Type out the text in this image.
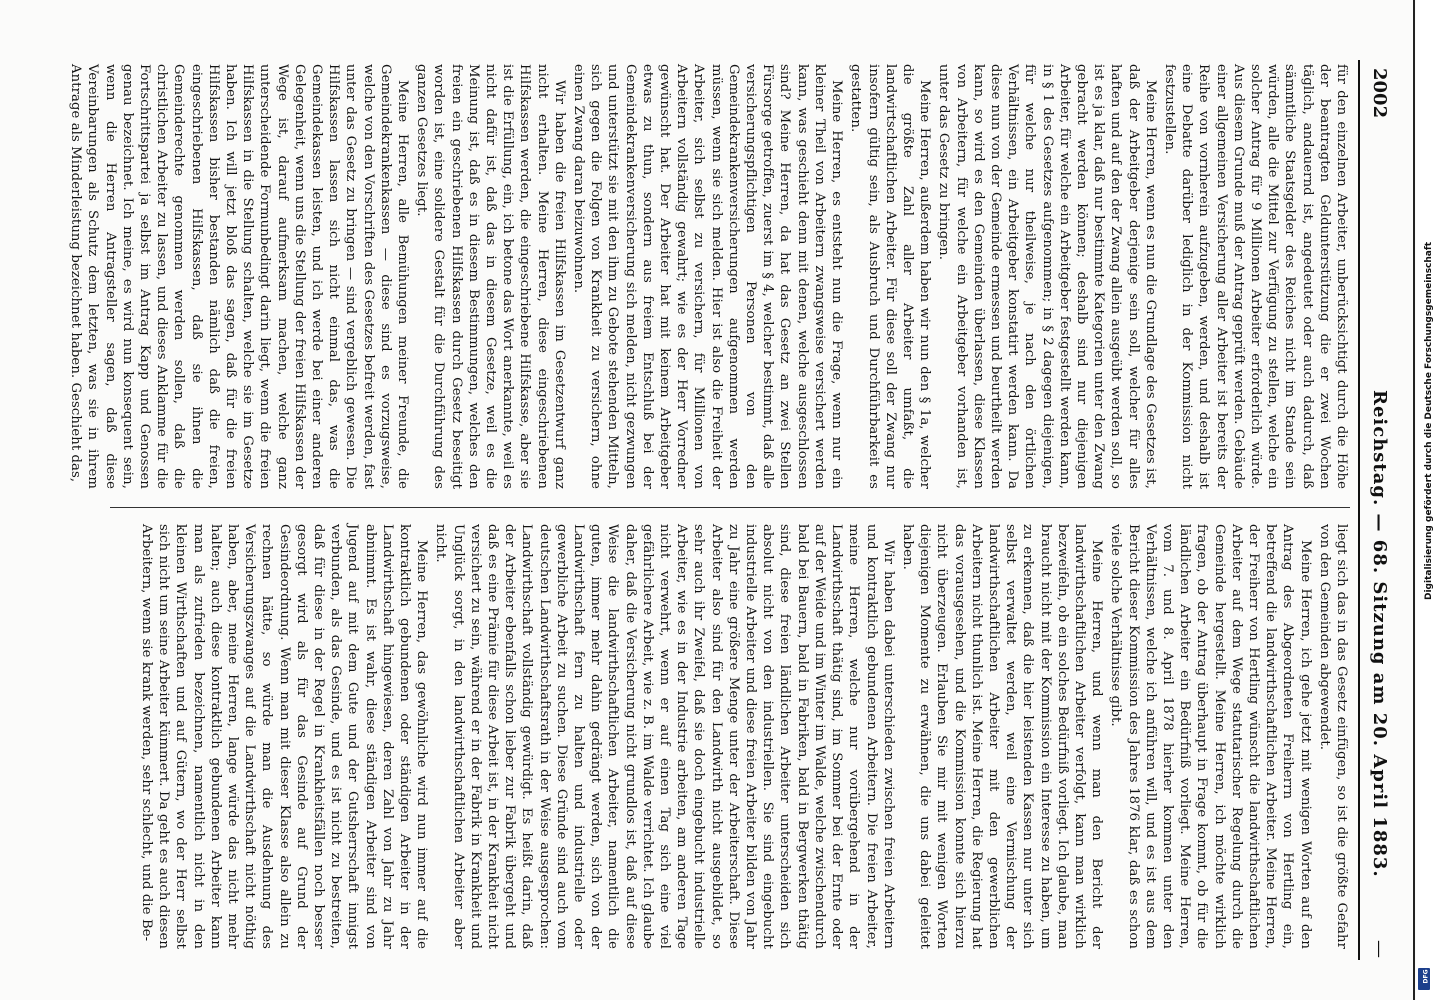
2002
Reichstag. — 68. Sitzung am 20. April 1883.
—

für den einzelnen Arbeiter, unberücksichtigt durch die Höhe der beantragten Geldunterstützung die er zwei Wochen täglich, andauernd ist, angedeutet oder auch dadurch, daß sämmtliche Staatsgelder des Reiches nicht im Stande sein würden, alle die Mittel zur Verfügung zu stellen, welche ein solcher Antrag für 9 Millionen Arbeiter erforderlich würde. Aus diesem Grunde muß der Antrag geprüft werden. Gebäude einer allgemeinen Versicherung aller Arbeiter ist bereits der Reihe von vornherein aufzugeben, werden, und deshalb ist eine Debatte darüber lediglich in der Kommission nicht festzustellen.

Meine Herren, wenn es nun die Grundlage des Gesetzes ist, daß der Arbeitgeber derjenige sein soll, welcher für alles haften und auf den der Zwang allein ausgeübt werden soll, so ist es ja klar, daß nur bestimmte Kategorien unter den Zwang gebracht werden können; deshalb sind nur diejenigen Arbeiter, für welche ein Arbeitgeber festgestellt werden kann, in § 1 des Gesetzes aufgenommen; in § 2 dagegen diejenigen, für welche nur theilweise, je nach den örtlichen Verhältnissen, ein Arbeitgeber konstatirt werden kann. Da diese nun von der Gemeinde ermessen und beurtheilt werden kann, so wird es den Gemeinden überlassen, diese Klassen von Arbeitern, für welche ein Arbeitgeber vorhanden ist, unter das Gesetz zu bringen.

Meine Herren, außerdem haben wir nun den § 1a, welcher die größte Zahl aller Arbeiter umfaßt, die landwirtschaftlichen Arbeiter. Für diese soll der Zwang nur insofern gültig sein, als Ausbruch und Durchführbarkeit es gestatten.

Meine Herren, es entsteht nun die Frage, wenn nur ein kleiner Theil von Arbeitern zwangsweise versichert werden kann, was geschieht denn mit denen, welche ausgeschlossen sind? Meine Herren, da hat das Gesetz an zwei Stellen Fürsorge getroffen, zuerst im § 4, welcher bestimmt, daß alle versicherungspflichtigen Personen von den Gemeindekrankenversicherungen aufgenommen werden müssen, wenn sie sich melden. Hier ist also die Freiheit der Arbeiter, sich selbst zu versichern, für Millionen von Arbeitern vollständig gewahrt; wie es der Herr Vorredner gewünscht hat. Der Arbeiter hat mit keinem Arbeitgeber etwas zu thun, sondern aus freiem Entschluß bei der Gemeindekrankenversicherung sich melden, nicht gezwungen und unterstützt sie mit den ihm zu Gebote stehenden Mitteln, sich gegen die Folgen von Krankheit zu versichern, ohne einen Zwang daran beizuwohnen.

Wir haben die freien Hilfskassen im Gesetzentwurf ganz nicht erhalten. Meine Herren, diese eingeschriebenen Hilfskassen werden, die eingeschriebene Hilfskasse, aber sie ist die Erfüllung, ein, ich betone das Wort anerkannte, weil es nicht dafür ist, daß das in diesem Gesetze, weil es die Meinung ist, daß es in diesem Bestimmungen, welches den freien ein geschriebenen Hilfskassen durch Gesetz beseitigt worden ist, eine solidere Gestalt für die Durchführung des ganzen Gesetzes liegt.

Meine Herren, alle Bemühungen meiner Freunde, die Gemeindekrankenkassen — diese sind es vorzugsweise, welche von den Vorschriften des Gesetzes befreit werden, fast unter das Gesetz zu bringen — sind vergeblich gewesen. Die Hilfskassen lassen sich nicht einmal das, was die Gemeindekassen leisten, und ich werde bei einer anderen Gelegenheit, wenn uns die Stellung der freien Hilfskassen der Wege ist, darauf aufmerksam machen, welche ganz unterscheidende Formunbedingt darin liegt, wenn die freien Hilfskassen in die Stellung schalten, welche sie im Gesetze haben. Ich will jetzt bloß das sagen, daß für die freien Hilfskassen bisher bestanden nämlich daß die freien, eingeschriebenen Hilfskassen, daß sie ihnen die Gemeinderechte genommen werden sollen, daß die christlichen Arbeiter zu lassen, und dieses Anklamme für die Fortschrittspartei ja selbst im Antrag Kapp und Genossen genau bezeichnet. Ich meine, es wird nun konsequent sein, wenn die Herren Antragsteller sagen, daß diese Vereinbarungen als Schutz dem letzten, was sie in ihrem Antrage als Minderleistung bezeichnet haben. Geschieht das,

liegt sich das in das Gesetz einfügen, so ist die größte Gefahr von den Gemeinden abgewendet.

Meine Herren, ich gehe jetzt mit wenigen Worten auf den Antrag des Abgeordneten Freiherrn von Hertling ein, betreffend die landwirthschaftlichen Arbeiter. Meine Herren, der Freiherr von Hertling wünscht die landwirthschaftlichen Arbeiter auf dem Wege statutarischer Regelung durch die Gemeinde hergestellt. Meine Herren, ich möchte wirklich fragen, ob der Antrag überhaupt in Frage kommt, ob für die ländlichen Arbeiter ein Bedürfniß vorliegt. Meine Herren, vom 7. und 8. April 1878 hierher kommen unter den Verhältnissen, welche ich anführen will, und es ist aus dem Bericht dieser Kommission des Jahres 1876 klar, daß es schon viele solche Verhältnisse gibt.

Meine Herren, und wenn man den Bericht der landwirthschaftlichen Arbeiter verfolgt, kann man wirklich bezweifeln, ob ein solches Bedürfniß vorliegt. Ich glaube, man braucht nicht mit der Kommission ein Interesse zu haben, um zu erkennen, daß die hier leistenden Kassen nur unter sich selbst verwaltet werden, weil eine Vermischung der landwirthschaftlichen Arbeiter mit den gewerblichen Arbeitern nicht thunlich ist. Meine Herren, die Regierung hat das vorausgesehen, und die Kommission konnte sich hierzu nicht überzeugen. Erlauben Sie mir mit wenigen Worten diejenigen Momente zu erwähnen, die uns dabei geleitet haben.

Wir haben dabei unterschieden zwischen freien Arbeitern und kontraktlich gebundenen Arbeitern. Die freien Arbeiter, meine Herren, welche nur vorübergehend in der Landwirthschaft thätig sind, im Sommer bei der Ernte oder auf der Weide und im Winter im Walde, welche zwischendurch bald bei Bauern, bald in Fabriken, bald in Bergwerken thätig sind, diese freien ländlichen Arbeiter unterscheiden sich absolut nicht von den industriellen. Sie sind eingebucht industrielle Arbeiter und diese freien Arbeiter bilden von Jahr zu Jahr eine größere Menge unter der Arbeiterschaft. Diese Arbeiter also sind für den Landwirth nicht ausgebildet, so sehr auch ihr Zweifel, daß sie doch eingebucht industrielle Arbeiter, wie es in der Industrie arbeiten, am anderen Tage nicht verwehrt, wenn er auf einen Tag sich eine viel gefährlichere Arbeit, wie z. B. im Walde verrichtet. Ich glaube daher, daß die Versicherung nicht grundlos ist, daß auf diese Weise die landwirthschaftlichen Arbeiter, namentlich die guten, immer mehr dahin gedrängt werden, sich von der Landwirthschaft fern zu halten und industrielle oder gewerbliche Arbeit zu suchen. Diese Gründe sind auch vom deutschen Landwirthschaftsrath in der Weise ausgesprochen: Landwirthschaft vollständig gewürdigt. Es heißt darin, daß der Arbeiter ebenfalls schon lieber zur Fabrik übergeht und daß es eine Prämie für diese Arbeit ist, in der Krankheit nicht versichert zu sein, während er in der Fabrik in Krankheit und Unglück sorgt, in den landwirthschaftlichen Arbeiter aber nicht.

Meine Herren, das gewöhnliche wird nun immer auf die kontraktlich gebundenen oder ständigen Arbeiter in der Landwirthschaft hingewiesen, deren Zahl von Jahr zu Jahr abnimmt. Es ist wahr, diese ständigen Arbeiter sind von Jugend auf mit dem Gute und der Gutsherrschaft innigst verbunden, als das Gesinde, und es ist nicht zu bestreiten, daß für diese in der Regel in Krankheitsfällen noch besser gesorgt wird als für das Gesinde auf Grund der Gesindeordnung. Wenn man mit dieser Klasse also allein zu rechnen hätte, so würde man die Ausdehnung des Versicherungszwanges auf die Landwirthschaft nicht nöthig haben, aber, meine Herren, lange würde das nicht mehr halten; auch diese kontraktlich gebundenen Arbeiter kann man als zufrieden bezeichnen, namentlich nicht in den kleinen Wirthschaften und auf Gütern, wo der Herr selbst sich nicht um seine Arbeiter kümmert. Da geht es auch diesen Arbeitern, wenn sie krank werden, sehr schlecht, und die Be-

Digitalisierung gefördert durch die Deutsche Forschungsgemeinschaft
DFG
